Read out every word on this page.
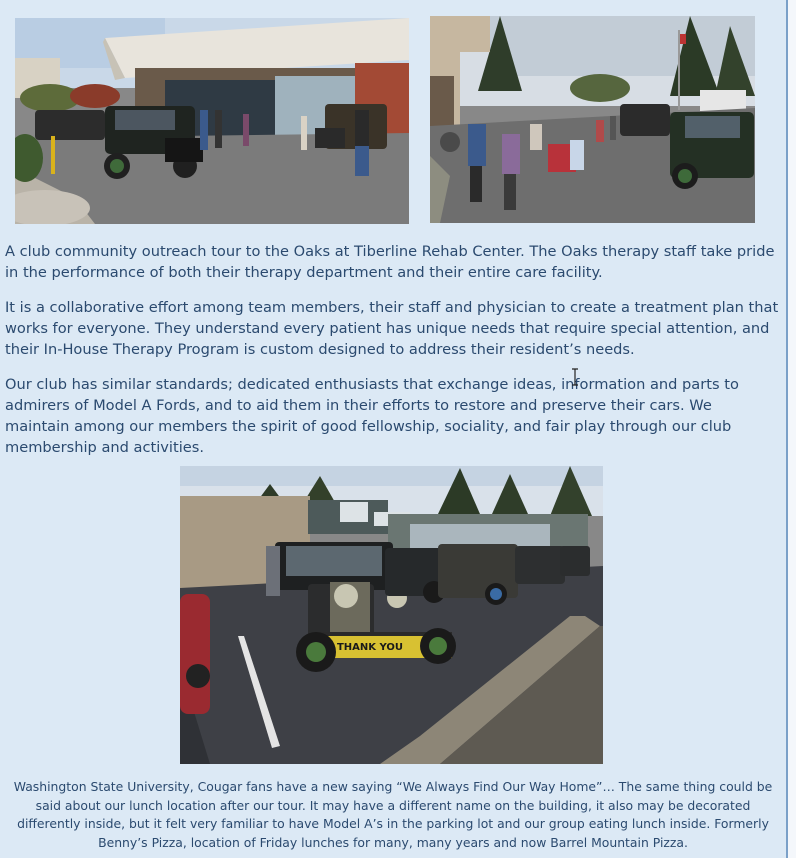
A club community outreach tour to the Oaks at Tiberline Rehab Center. The Oaks therapy staff take pride in the performance of both their therapy department and their entire care facility.

It is a collaborative effort among team members, their staff and physician to create a treatment plan that works for everyone. They understand every patient has unique needs that require special attention, and their In-House Therapy Program is custom designed to address their resident’s needs.

Our club has similar standards; dedicated enthusiasts that exchange ideas, information and parts to admirers of Model A Fords, and to aid them in their efforts to restore and preserve their cars. We maintain among our members the spirit of good fellowship, sociality, and fair play through our club membership and activities.

THANK YOU

Washington State University, Cougar fans have a new saying “We Always Find Our Way Home”… The same thing could be said about our lunch location after our tour. It may have a different name on the building, it also may be decorated differently inside, but it felt very familiar to have Model A’s in the parking lot and our group eating lunch inside. Formerly Benny’s Pizza, location of Friday lunches for many, many years and now Barrel Mountain Pizza.
